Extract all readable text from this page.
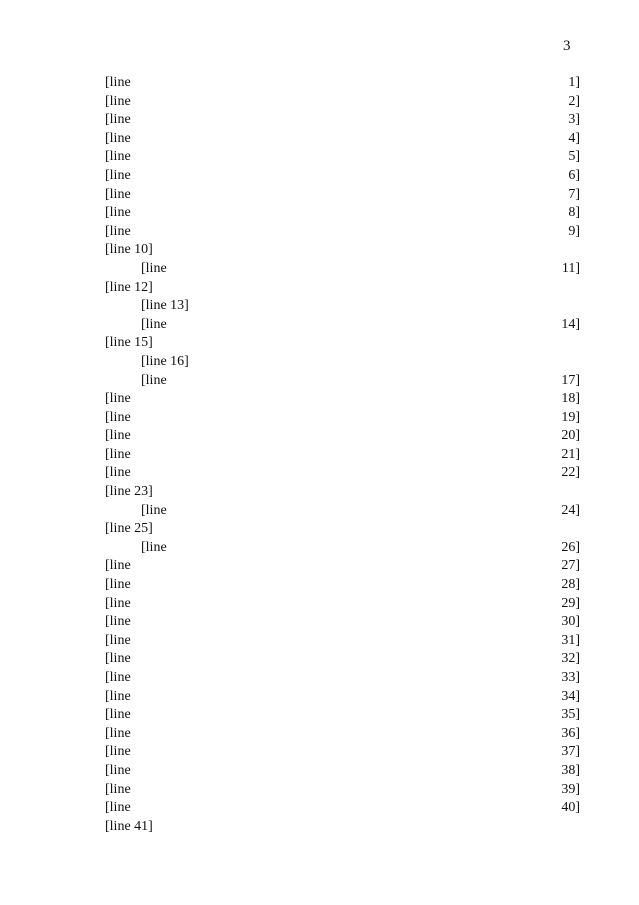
3
[line 1]
[line 2]
[line 3]
[line 4]
[line 5]
[line 6]
[line 7]
[line 8]
[line 9]
[line 10]
[line 11]
[line 12]
[line 13]
[line 14]
[line 15]
[line 16]
[line 17]
[line 18]
[line 19]
[line 20]
[line 21]
[line 22]
[line 23]
[line 24]
[line 25]
[line 26]
[line 27]
[line 28]
[line 29]
[line 30]
[line 31]
[line 32]
[line 33]
[line 34]
[line 35]
[line 36]
[line 37]
[line 38]
[line 39]
[line 40]
[line 41]
